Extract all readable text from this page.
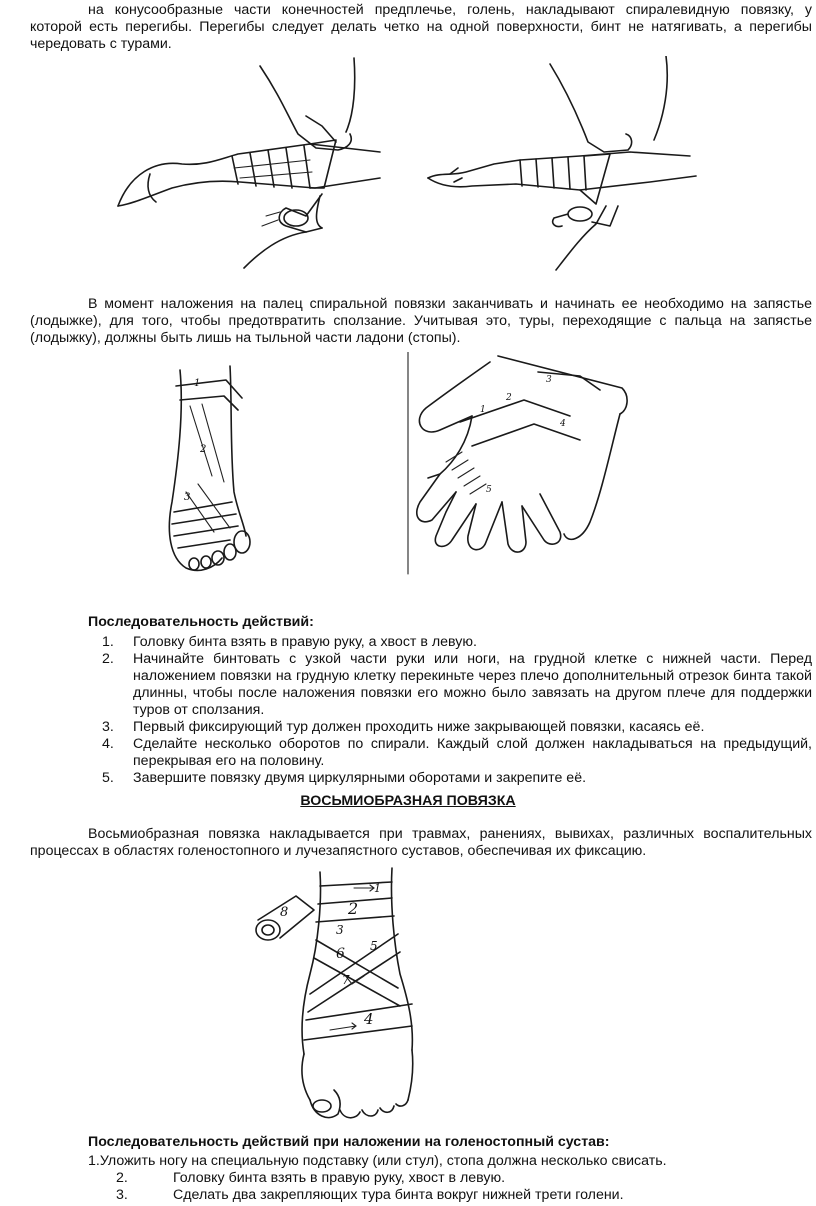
на конусообразные части конечностей предплечье, голень, накладывают спиралевидную повязку, у
которой есть перегибы. Перегибы следует делать четко на одной поверхности, бинт не натягивать, а перегибы чередовать с турами.
В момент наложения на палец спиральной повязки заканчивать и начинать ее необходимо на запястье (лодыжке), для того, чтобы предотвратить сползание. Учитывая это, туры, переходящие с пальца на запястье (лодыжку), должны быть лишь на тыльной части ладони (стопы).
1
2
3
1
2
3
4
5
Последовательность действий:

1. Головку бинта взять в правую руку, а хвост в левую.

2. Начинайте бинтовать с узкой части руки или ноги, на грудной клетке с нижней части. Перед наложением повязки на грудную клетку перекиньте через плечо дополнительный отрезок бинта такой длинны, чтобы после наложения повязки его можно было завязать на другом плече для поддержки туров от сползания.

3. Первый фиксирующий тур должен проходить ниже закрывающей повязки, касаясь её.

4. Сделайте несколько оборотов по спирали. Каждый слой должен накладываться на предыдущий, перекрывая его на половину.

5. Завершите повязку двумя циркулярными оборотами и закрепите её.

ВОСЬМИОБРАЗНАЯ ПОВЯЗКА
Восьмиобразная повязка накладывается при травмах, ранениях, вывихах, различных воспалительных процессах в областях голеностопного и лучезапястного суставов, обеспечивая их фиксацию.
1
2
3
4
5
6
7
8
Последовательность действий при наложении на голеностопный сустав:
1.Уложить ногу на специальную подставку (или стул), стопа должна несколько свисать.
2.	Головку бинта взять в правую руку, хвост в левую.
3.	Сделать два закрепляющих тура бинта вокруг нижней трети голени.
